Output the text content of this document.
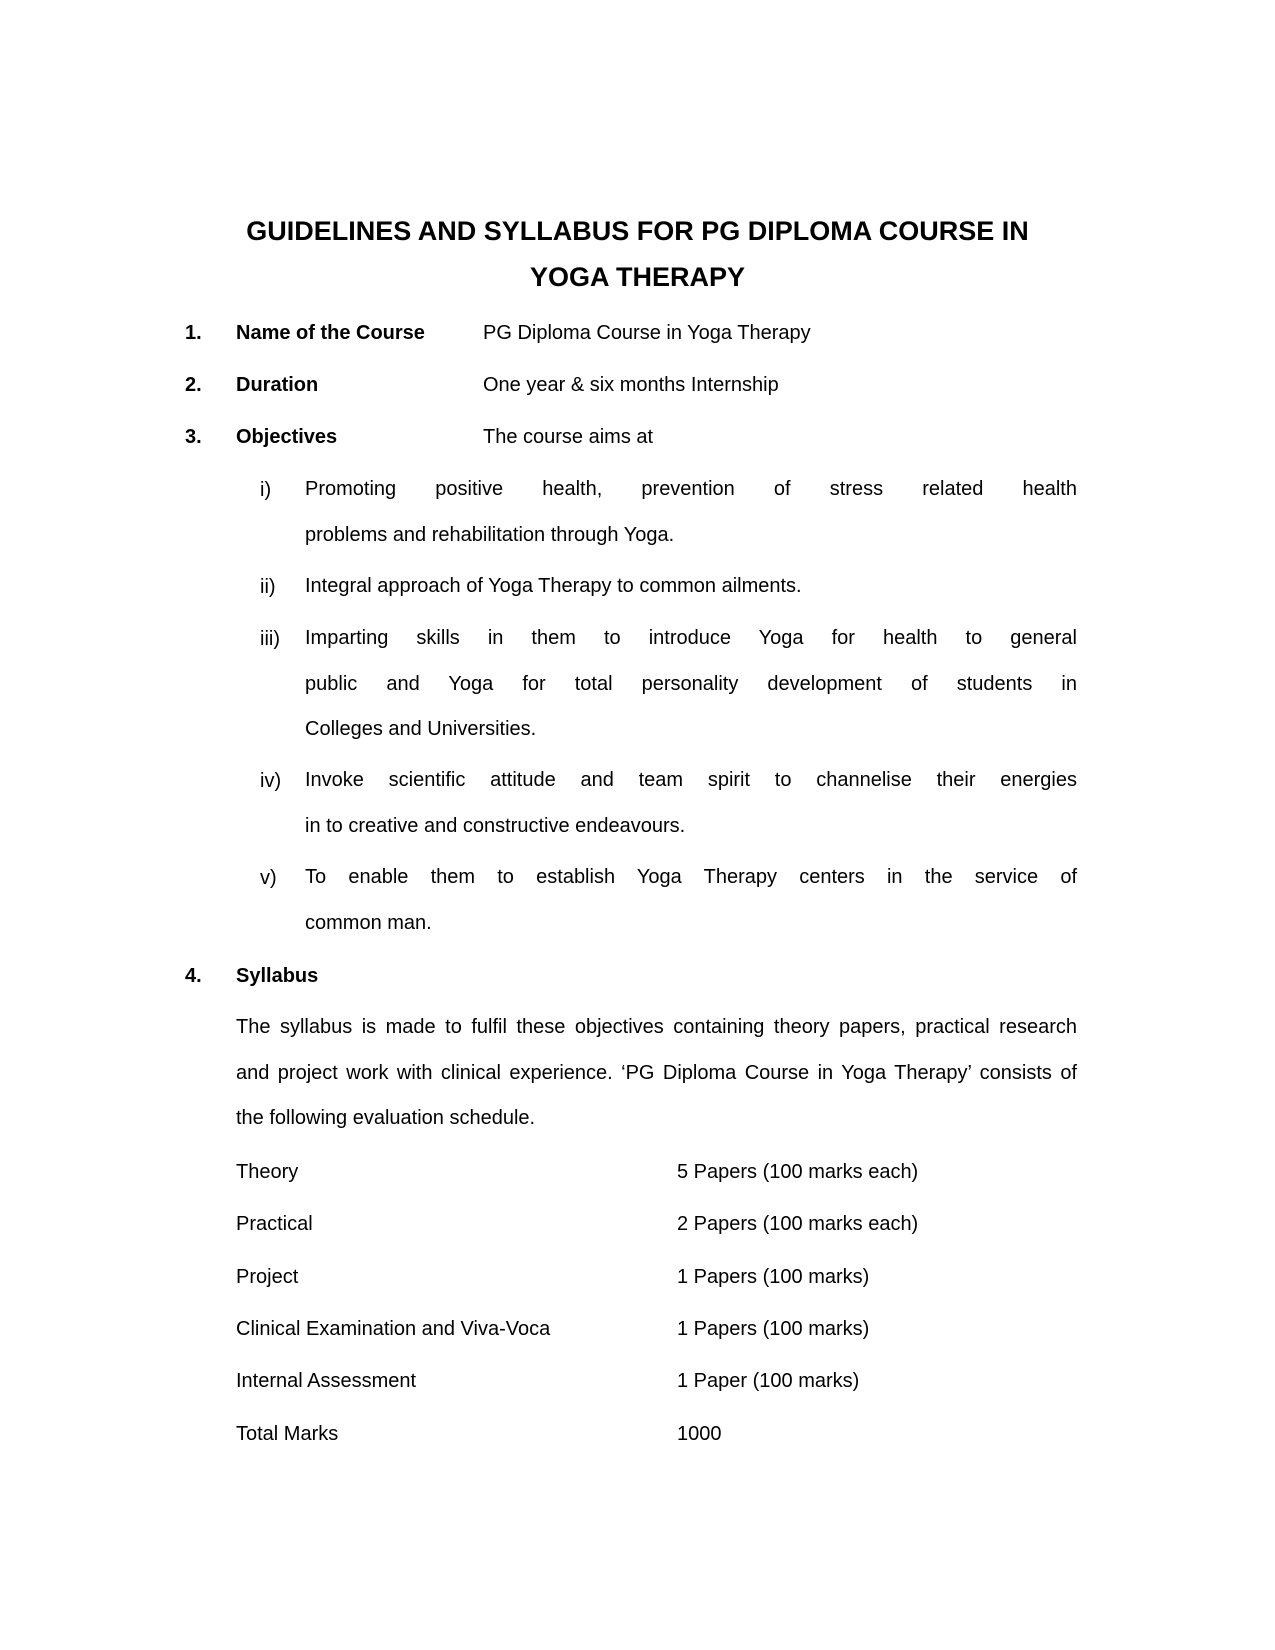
GUIDELINES AND SYLLABUS FOR PG DIPLOMA COURSE IN
YOGA THERAPY
1. Name of the Course	PG Diploma Course in Yoga Therapy
2. Duration	One year & six months Internship
3. Objectives	The course aims at
i) Promoting positive health, prevention of stress related health
problems and rehabilitation through Yoga.
ii) Integral approach of Yoga Therapy to common ailments.
iii) Imparting skills in them to introduce Yoga for health to general
public and Yoga for total personality development of students in
Colleges and Universities.
iv) Invoke scientific attitude and team spirit to channelise their energies
in to creative and constructive endeavours.
v) To enable them to establish Yoga Therapy centers in the service of
common man.
4. Syllabus
The syllabus is made to fulfil these objectives containing theory papers, practical research
and project work with clinical experience. ‘PG Diploma Course in Yoga Therapy’ consists of
the following evaluation schedule.
Theory	5 Papers (100 marks each)
Practical	2 Papers (100 marks each)
Project	1 Papers (100 marks)
Clinical Examination and Viva-Voca	1 Papers (100 marks)
Internal Assessment	1 Paper (100 marks)
Total Marks	1000
